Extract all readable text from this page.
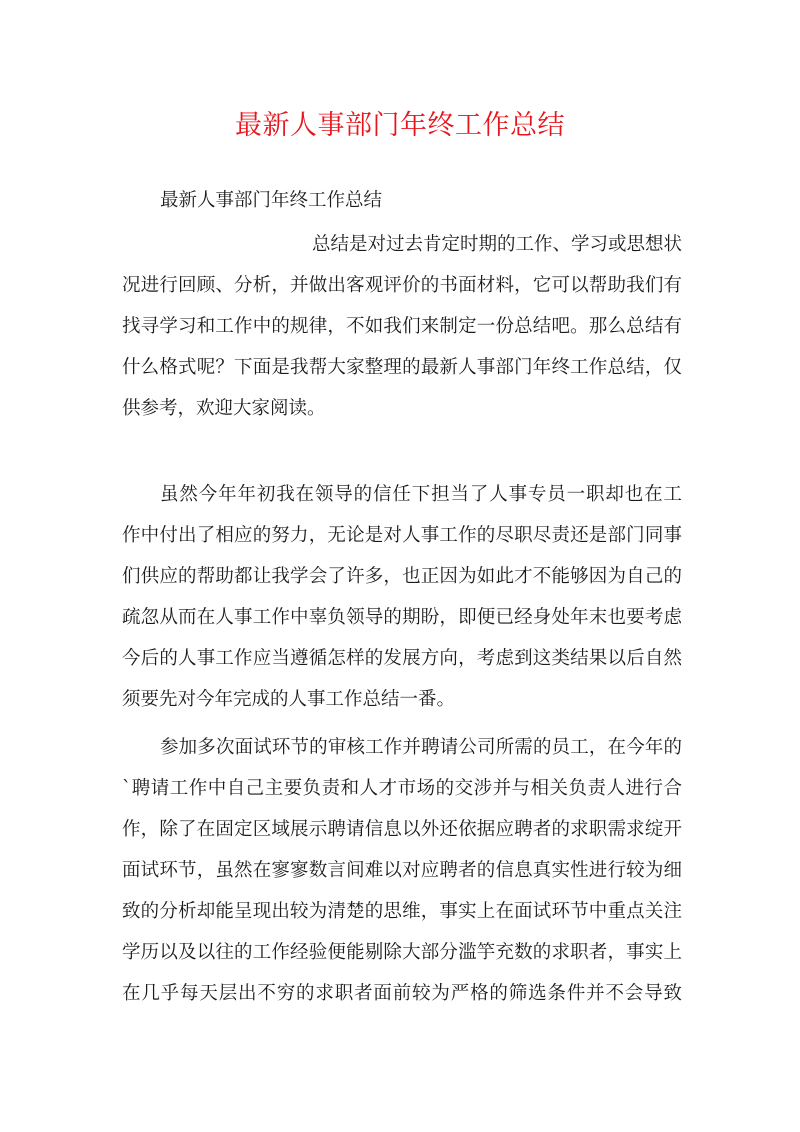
最新人事部门年终工作总结
最新人事部门年终工作总结
总结是对过去肯定时期的工作、学习或思想状
况进行回顾、分析，并做出客观评价的书面材料，它可以帮助我们有
找寻学习和工作中的规律，不如我们来制定一份总结吧。那么总结有
什么格式呢？下面是我帮大家整理的最新人事部门年终工作总结，仅
供参考，欢迎大家阅读。
虽然今年年初我在领导的信任下担当了人事专员一职却也在工
作中付出了相应的努力，无论是对人事工作的尽职尽责还是部门同事
们供应的帮助都让我学会了许多，也正因为如此才不能够因为自己的
疏忽从而在人事工作中辜负领导的期盼，即便已经身处年末也要考虑
今后的人事工作应当遵循怎样的发展方向，考虑到这类结果以后自然
须要先对今年完成的人事工作总结一番。
参加多次面试环节的审核工作并聘请公司所需的员工，在今年的
`聘请工作中自己主要负责和人才市场的交涉并与相关负责人进行合
作，除了在固定区域展示聘请信息以外还依据应聘者的求职需求绽开
面试环节，虽然在寥寥数言间难以对应聘者的信息真实性进行较为细
致的分析却能呈现出较为清楚的思维，事实上在面试环节中重点关注
学历以及以往的工作经验便能剔除大部分滥竽充数的求职者，事实上
在几乎每天层出不穷的求职者面前较为严格的筛选条件并不会导致
